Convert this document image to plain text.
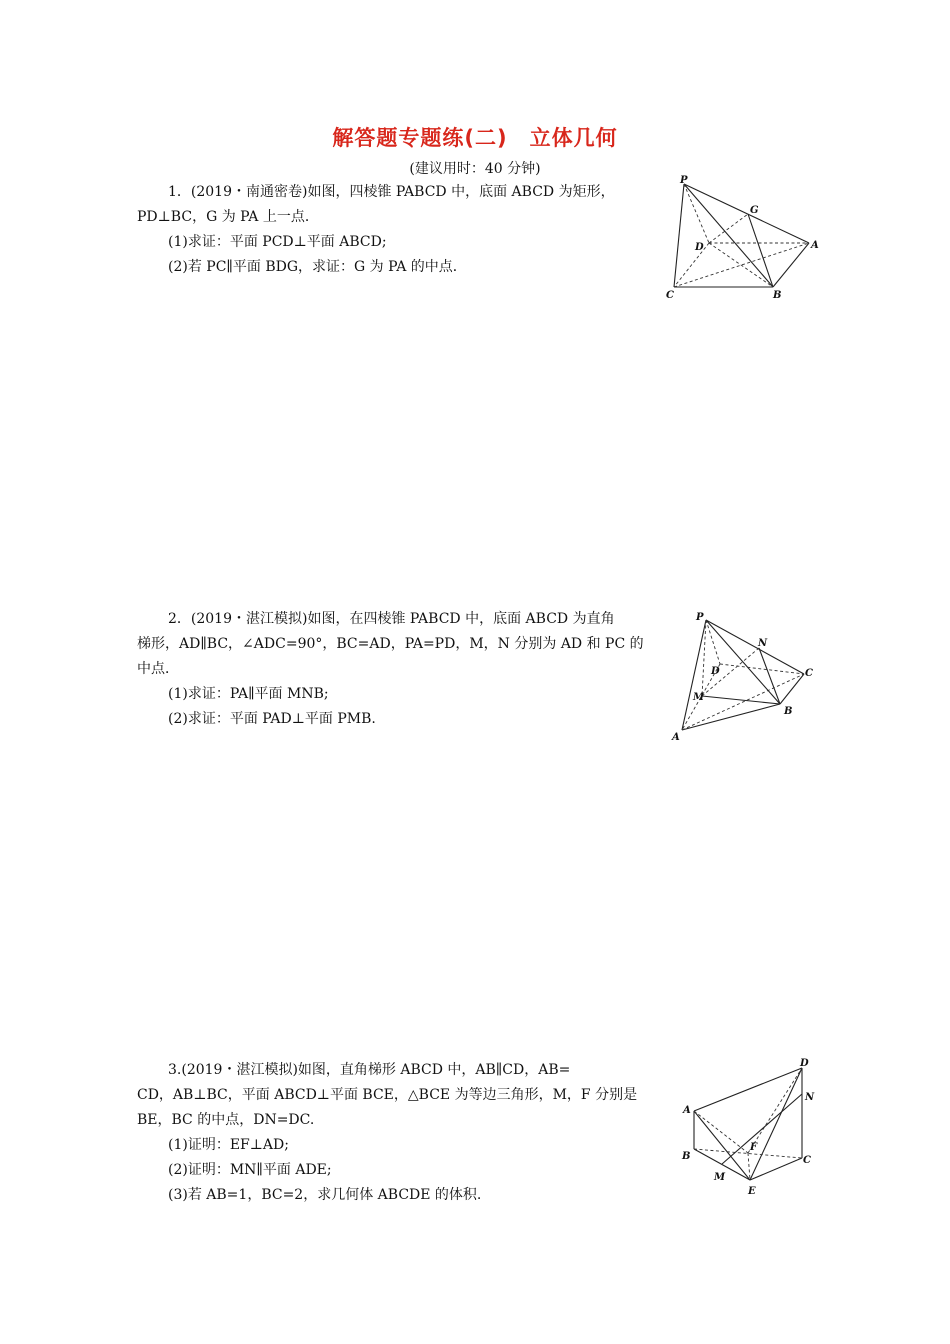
解答题专题练(二) 立体几何
(建议用时：40 分钟)

1．(2019・南通密卷)如图，四棱锥 PABCD 中，底面 ABCD 为矩形，

PD⊥BC，G 为 PA 上一点．

(1)求证：平面 PCD⊥平面 ABCD;

(2)若 PC∥平面 BDG，求证：G 为 PA 的中点．

P
G
D	A
C	B

2．(2019・湛江模拟)如图，在四棱锥 PABCD 中，底面 ABCD 为直角

梯形，AD∥BC，∠ADC=90°，BC=AD，PA=PD，M，N 分别为 AD 和 PC 的

中点．

(1)求证：PA∥平面 MNB;

(2)求证：平面 PAD⊥平面 PMB.

P
N
D	C
M
B
A

3.(2019・湛江模拟)如图，直角梯形 ABCD 中，AB∥CD，AB=

CD，AB⊥BC，平面 ABCD⊥平面 BCE，△BCE 为等边三角形，M，F 分别是

BE，BC 的中点，DN=DC.

(1)证明：EF⊥AD;

(2)证明：MN∥平面 ADE;

(3)若 AB=1，BC=2，求几何体 ABCDE 的体积.

D
N
A
F
B	C
M
E
